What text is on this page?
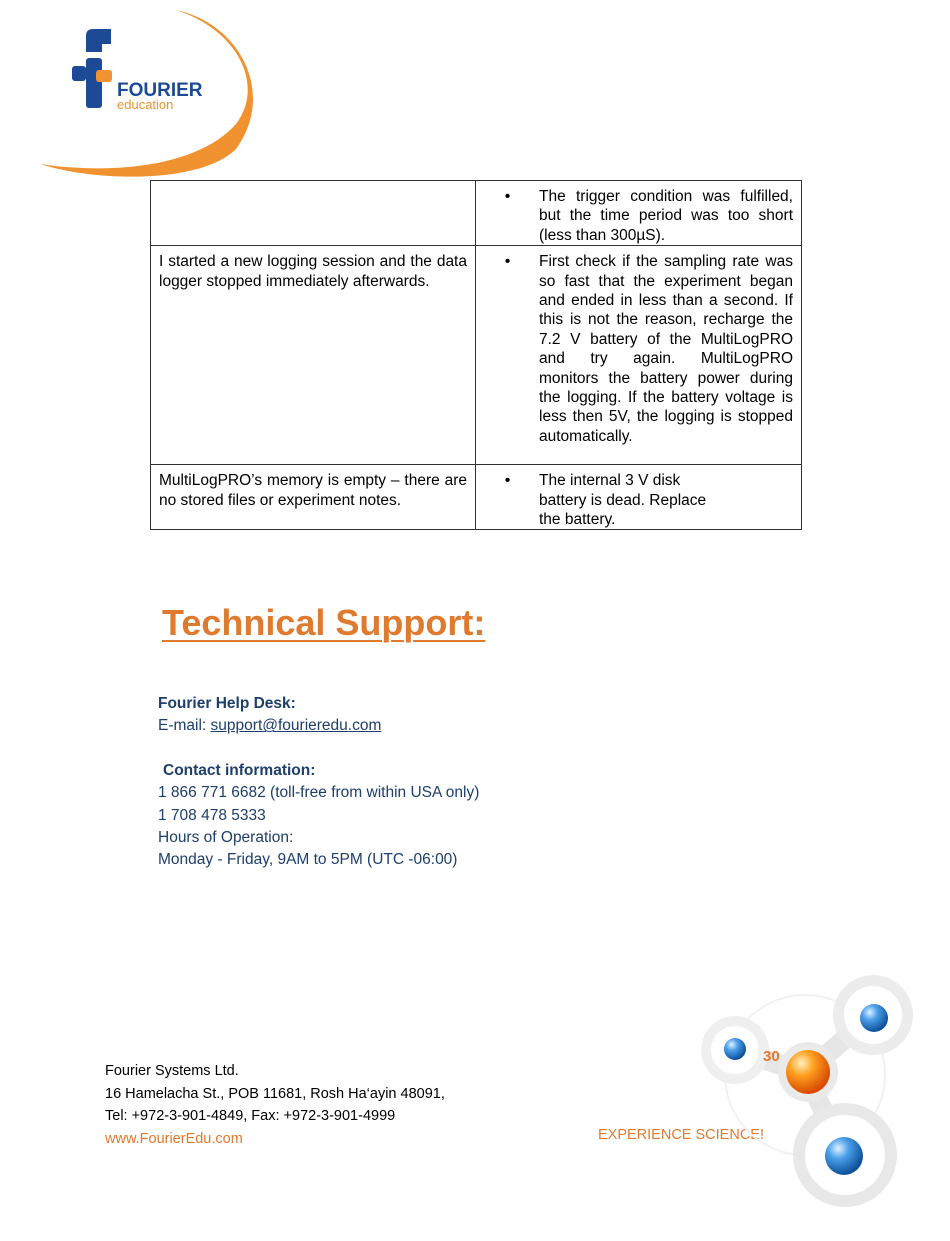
FOURIER
education

	• The trigger condition was fulfilled, but the time period was too short (less than 300µS).

I started a new logging session and the data logger stopped immediately afterwards.	• First check if the sampling rate was so fast that the experiment began and ended in less than a second. If this is not the reason, recharge the 7.2 V battery of the MultiLogPRO and try again. MultiLogPRO monitors the battery power during the logging. If the battery voltage is less then 5V, the logging is stopped automatically.

MultiLogPRO’s memory is empty – there are no stored files or experiment notes.	• The internal 3 V disk
battery is dead. Replace
the battery.
Technical Support:
Fourier Help Desk:
E-mail: support@fourieredu.com
Contact information:
1 866 771 6682 (toll-free from within USA only)
1 708 478 5333
Hours of Operation:
Monday - Friday, 9AM to 5PM (UTC -06:00)
Fourier Systems Ltd.
16 Hamelacha St., POB 11681, Rosh Ha‘ayin 48091,
Tel: +972-3-901-4849, Fax: +972-3-901-4999
www.FourierEdu.com	EXPERIENCE SCIENCE!
30
